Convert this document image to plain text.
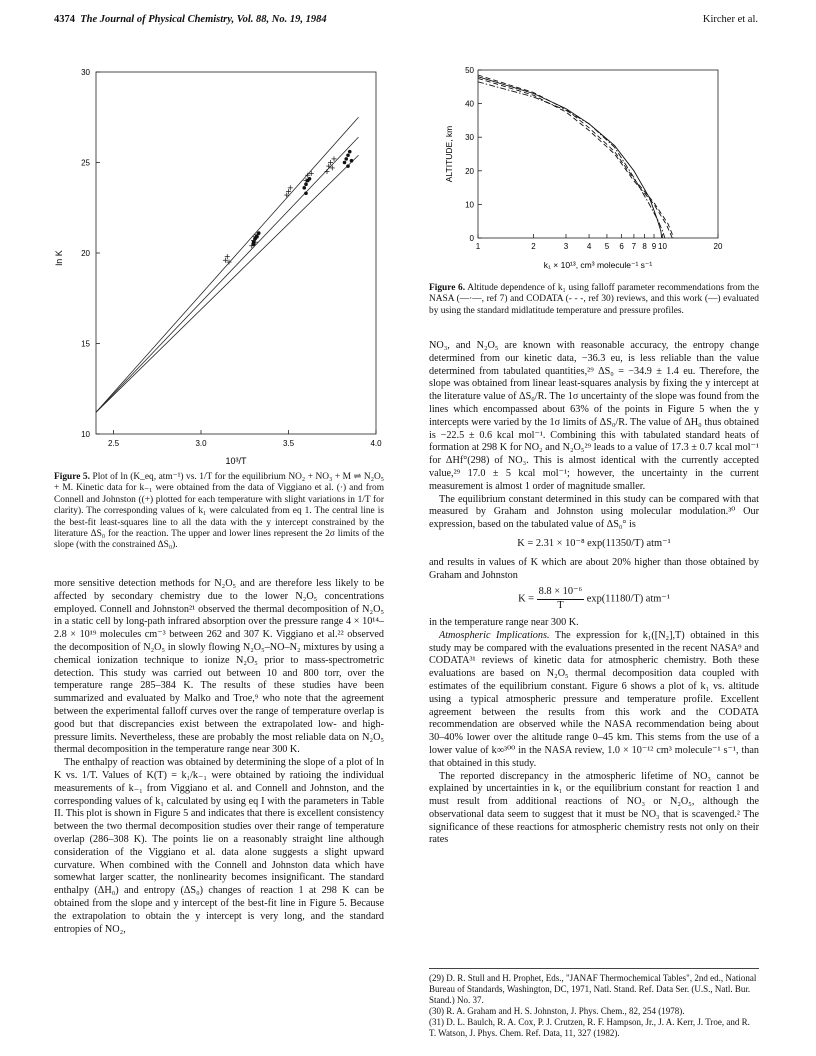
4374 The Journal of Physical Chemistry, Vol. 88, No. 19, 1984	Kircher et al.
2.5	3.0	3.5	4.0
10
15
20
25
30
ln K
10³/T
Figure 5. Plot of ln (K_eq, atm⁻¹) vs. 1/T for the equilibrium NO₂ + NO₃ + M ⇌ N₂O₅ + M. Kinetic data for k₋₁ were obtained from the data of Viggiano et al. (·) and from Connell and Johnston ((+) plotted for each temperature with slight variations in 1/T for clarity). The corresponding values of k₁ were calculated from eq 1. The central line is the best-fit least-squares line to all the data with the y intercept constrained by the literature ΔS₀ for the reaction. The upper and lower lines represent the 2σ limits of the slope (with the constrained ΔS₀).

more sensitive detection methods for N₂O₅ and are therefore less likely to be affected by secondary chemistry due to the lower N₂O₅ concentrations employed. Connell and Johnston²¹ observed the thermal decomposition of N₂O₅ in a static cell by long-path infrared absorption over the pressure range 4 × 10¹⁴–2.8 × 10¹⁹ molecules cm⁻³ between 262 and 307 K. Viggiano et al.²² observed the decomposition of N₂O₅ in slowly flowing N₂O₅–NO–N₂ mixtures by using a chemical ionization technique to ionize N₂O₅ prior to mass-spectrometric detection. This study was carried out between 10 and 800 torr, over the temperature range 285–384 K. The results of these studies have been summarized and evaluated by Malko and Troe,⁹ who note that the agreement between the experimental falloff curves over the range of temperature overlap is good but that discrepancies exist between the extrapolated low- and high-pressure limits. Nevertheless, these are probably the most reliable data on N₂O₅ thermal decomposition in the temperature range near 300 K.

The enthalpy of reaction was obtained by determining the slope of a plot of ln K vs. 1/T. Values of K(T) = k₁/k₋₁ were obtained by ratioing the individual measurements of k₋₁ from Viggiano et al. and Connell and Johnston, and the corresponding values of k₁ calculated by using eq I with the parameters in Table II. This plot is shown in Figure 5 and indicates that there is excellent consistency between the two thermal decomposition studies over their range of temperature overlap (286–308 K). The points lie on a reasonably straight line although consideration of the Viggiano et al. data alone suggests a slight upward curvature. When combined with the Connell and Johnston data which have somewhat larger scatter, the nonlinearity becomes insignificant. The standard enthalpy (ΔH₀) and entropy (ΔS₀) changes of reaction 1 at 298 K can be obtained from the slope and y intercept of the best-fit line in Figure 5. Because the extrapolation to obtain the y intercept is very long, and the standard entropies of NO₂,

1	2	3 4 5 6 7 8 9 10	20
0
10
20
30
40
50
ALTITUDE, km
k₁ × 10¹³, cm³ molecule⁻¹ s⁻¹
Figure 6. Altitude dependence of k₁ using falloff parameter recommendations from the NASA (—·—, ref 7) and CODATA (- - -, ref 30) reviews, and this work (—) evaluated by using the standard midlatitude temperature and pressure profiles.

NO₃, and N₂O₅ are known with reasonable accuracy, the entropy change determined from our kinetic data, −36.3 eu, is less reliable than the value determined from tabulated quantities,²⁹ ΔS₀ = −34.9 ± 1.4 eu. Therefore, the slope was obtained from linear least-squares analysis by fixing the y intercept at the literature value of ΔS₀/R. The 1σ uncertainty of the slope was found from the lines which encompassed about 63% of the points in Figure 5 when the y intercepts were varied by the 1σ limits of ΔS₀/R. The value of ΔH₀ thus obtained is −22.5 ± 0.6 kcal mol⁻¹. Combining this with tabulated standard heats of formation at 298 K for NO₂ and N₂O₅²⁹ leads to a value of 17.3 ± 0.7 kcal mol⁻¹ for ΔHf°(298) of NO₃. This is almost identical with the currently accepted value,²⁹ 17.0 ± 5 kcal mol⁻¹; however, the uncertainty in the current measurement is almost 1 order of magnitude smaller.

The equilibrium constant determined in this study can be compared with that measured by Graham and Johnston using molecular modulation.³⁰ Our expression, based on the tabulated value of ΔS₀° is

K = 2.31 × 10⁻⁸ exp(11350/T) atm⁻¹

and results in values of K which are about 20% higher than those obtained by Graham and Johnston

$K = \frac{\text{8.8 × 10⁻⁶}}{T} \exp(11180/T)$ atm⁻¹

in the temperature range near 300 K.

Atmospheric Implications. The expression for k₁([N₂],T) obtained in this study may be compared with the evaluations presented in the recent NASA⁹ and CODATA³¹ reviews of kinetic data for atmospheric chemistry. Both these evaluations are based on N₂O₅ thermal decomposition data coupled with estimates of the equilibrium constant. Figure 6 shows a plot of k₁ vs. altitude using a typical atmospheric pressure and temperature profile. Excellent agreement between the results from this work and the CODATA recommendation are observed while the NASA recommendation being about 30–40% lower over the altitude range 0–45 km. This stems from the use of a lower value of k∞³⁰⁰ in the NASA review, 1.0 × 10⁻¹² cm³ molecule⁻¹ s⁻¹, than that obtained in this study.

The reported discrepancy in the atmospheric lifetime of NO₃ cannot be explained by uncertainties in k₁ or the equilibrium constant for reaction 1 and must result from additional reactions of NO₃ or N₂O₅, although the observational data seem to suggest that it must be NO₃ that is scavenged.² The significance of these reactions for atmospheric chemistry rests not only on their rates

(29) D. R. Stull and H. Prophet, Eds., "JANAF Thermochemical Tables", 2nd ed., National Bureau of Standards, Washington, DC, 1971, Natl. Stand. Ref. Data Ser. (U.S., Natl. Bur. Stand.) No. 37.
(30) R. A. Graham and H. S. Johnston, J. Phys. Chem., 82, 254 (1978).
(31) D. L. Baulch, R. A. Cox, P. J. Crutzen, R. F. Hampson, Jr., J. A. Kerr, J. Troe, and R. T. Watson, J. Phys. Chem. Ref. Data, 11, 327 (1982).
